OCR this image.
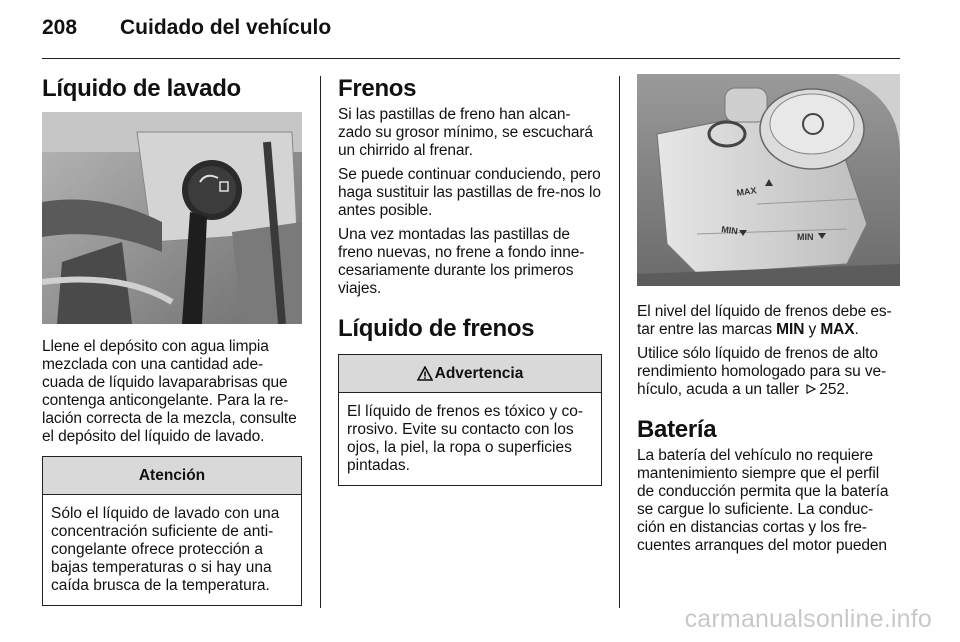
208	Cuidado del vehículo
Líquido de lavado

Llene el depósito con agua limpia mezclada con una cantidad ade-cuada de líquido lavaparabrisas que contenga anticongelante. Para la re-lación correcta de la mezcla, consulte el depósito del líquido de lavado.

Atención
Sólo el líquido de lavado con una concentración suficiente de anti-congelante ofrece protección a bajas temperaturas o si hay una caída brusca de la temperatura.
Frenos

Si las pastillas de freno han alcan-zado su grosor mínimo, se escuchará un chirrido al frenar.

Se puede continuar conduciendo, pero haga sustituir las pastillas de fre-nos lo antes posible.

Una vez montadas las pastillas de freno nuevas, no frene a fondo inne-cesariamente durante los primeros viajes.

Líquido de frenos
Advertencia
El líquido de frenos es tóxico y co-rrosivo. Evite su contacto con los ojos, la piel, la ropa o superficies pintadas.
MAX
MIN
MIN

El nivel del líquido de frenos debe es-tar entre las marcas MIN y MAX.

Utilice sólo líquido de frenos de alto rendimiento homologado para su ve-hículo, acuda a un taller 252.

Batería

La batería del vehículo no requiere mantenimiento siempre que el perfil de conducción permita que la batería se cargue lo suficiente. La conduc-ción en distancias cortas y los fre-cuentes arranques del motor pueden

carmanualsonline.info
